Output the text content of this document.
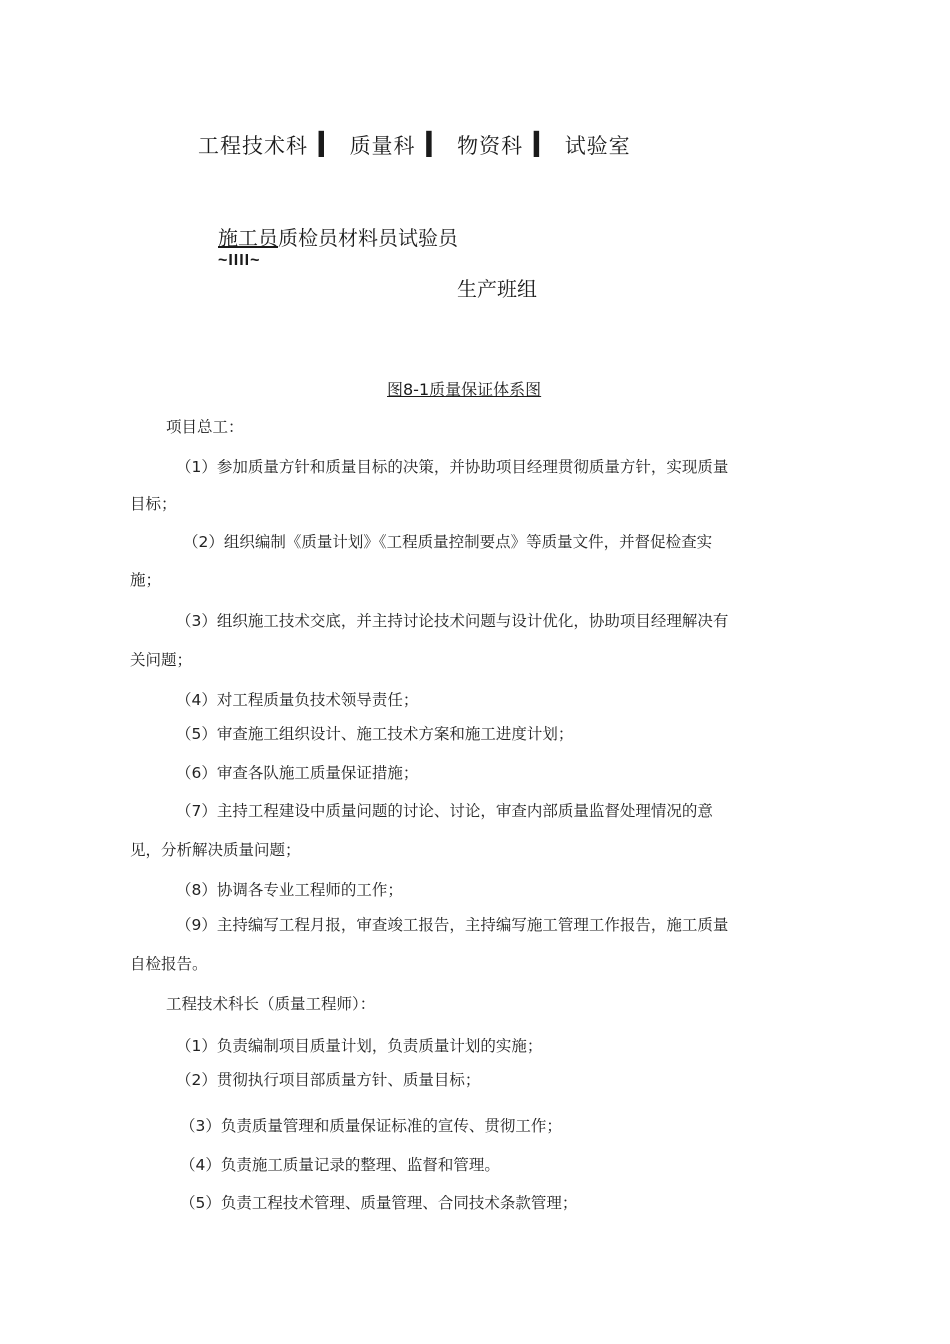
工程技术科 I 质量科 I 物资科 I 试验室
施工员质检员材料员试验员
~IIII~
生产班组
图8-1质量保证体系图
项目总工：
（1）参加质量方针和质量目标的决策，并协助项目经理贯彻质量方针，实现质量
目标；
（2）组织编制《质量计划》《工程质量控制要点》等质量文件，并督促检查实
施；
（3）组织施工技术交底，并主持讨论技术问题与设计优化，协助项目经理解决有
关问题；
（4）对工程质量负技术领导责任；
（5）审查施工组织设计、施工技术方案和施工进度计划；
（6）审查各队施工质量保证措施；
（7）主持工程建设中质量问题的讨论、讨论，审查内部质量监督处理情况的意
见，分析解决质量问题；
（8）协调各专业工程师的工作；
（9）主持编写工程月报，审查竣工报告，主持编写施工管理工作报告，施工质量
自检报告。
工程技术科长（质量工程师）：
（1）负责编制项目质量计划，负责质量计划的实施；
（2）贯彻执行项目部质量方针、质量目标；
（3）负责质量管理和质量保证标准的宣传、贯彻工作；
（4）负责施工质量记录的整理、监督和管理。
（5）负责工程技术管理、质量管理、合同技术条款管理；
